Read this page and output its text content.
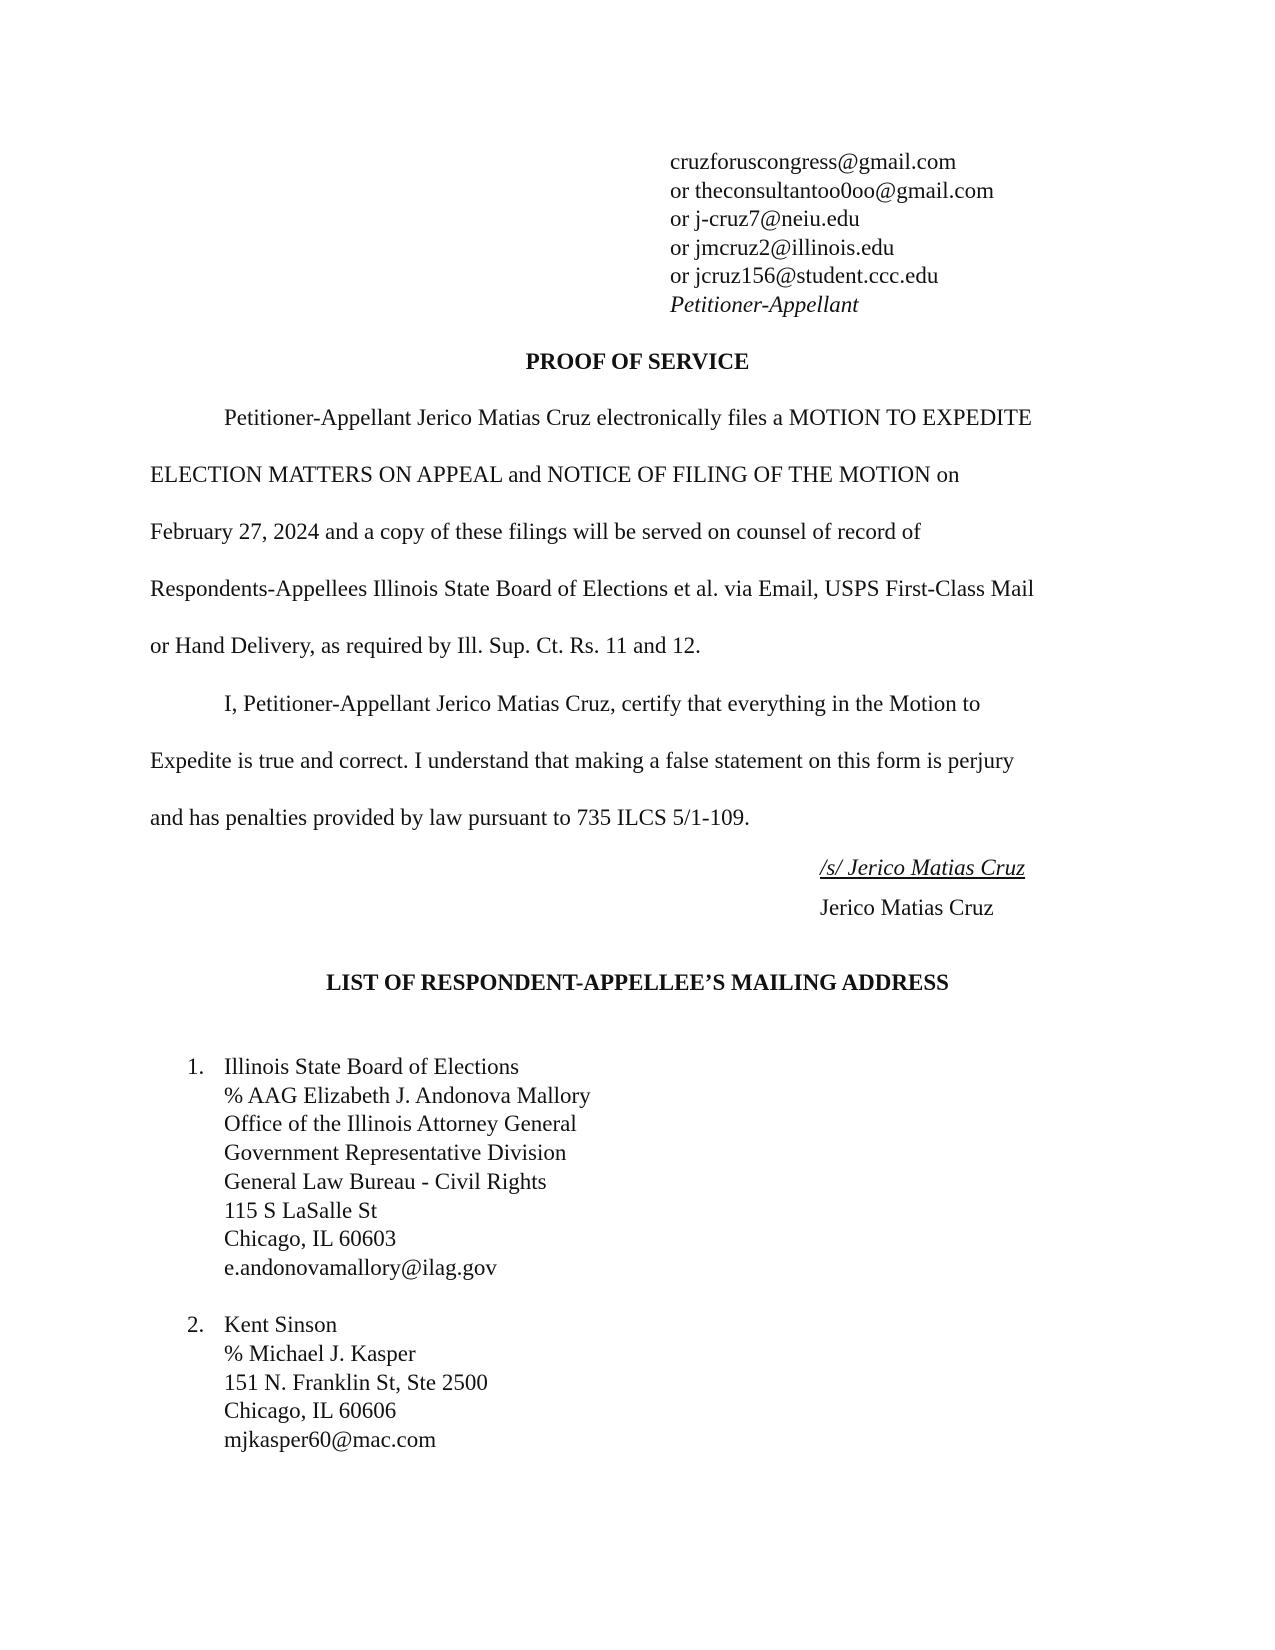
cruzforuscongress@gmail.com
or theconsultantoo0oo@gmail.com
or j-cruz7@neiu.edu
or jmcruz2@illinois.edu
or jcruz156@student.ccc.edu
Petitioner-Appellant
PROOF OF SERVICE
Petitioner-Appellant Jerico Matias Cruz electronically files a MOTION TO EXPEDITE
ELECTION MATTERS ON APPEAL and NOTICE OF FILING OF THE MOTION on
February 27, 2024 and a copy of these filings will be served on counsel of record of
Respondents-Appellees Illinois State Board of Elections et al. via Email, USPS First-Class Mail
or Hand Delivery, as required by Ill. Sup. Ct. Rs. 11 and 12.
I, Petitioner-Appellant Jerico Matias Cruz, certify that everything in the Motion to
Expedite is true and correct. I understand that making a false statement on this form is perjury
and has penalties provided by law pursuant to 735 ILCS 5/1-109.
/s/ Jerico Matias Cruz
Jerico Matias Cruz
LIST OF RESPONDENT-APPELLEE’S MAILING ADDRESS
1. Illinois State Board of Elections
% AAG Elizabeth J. Andonova Mallory
Office of the Illinois Attorney General
Government Representative Division
General Law Bureau - Civil Rights
115 S LaSalle St
Chicago, IL 60603
e.andonovamallory@ilag.gov
2. Kent Sinson
% Michael J. Kasper
151 N. Franklin St, Ste 2500
Chicago, IL 60606
mjkasper60@mac.com
